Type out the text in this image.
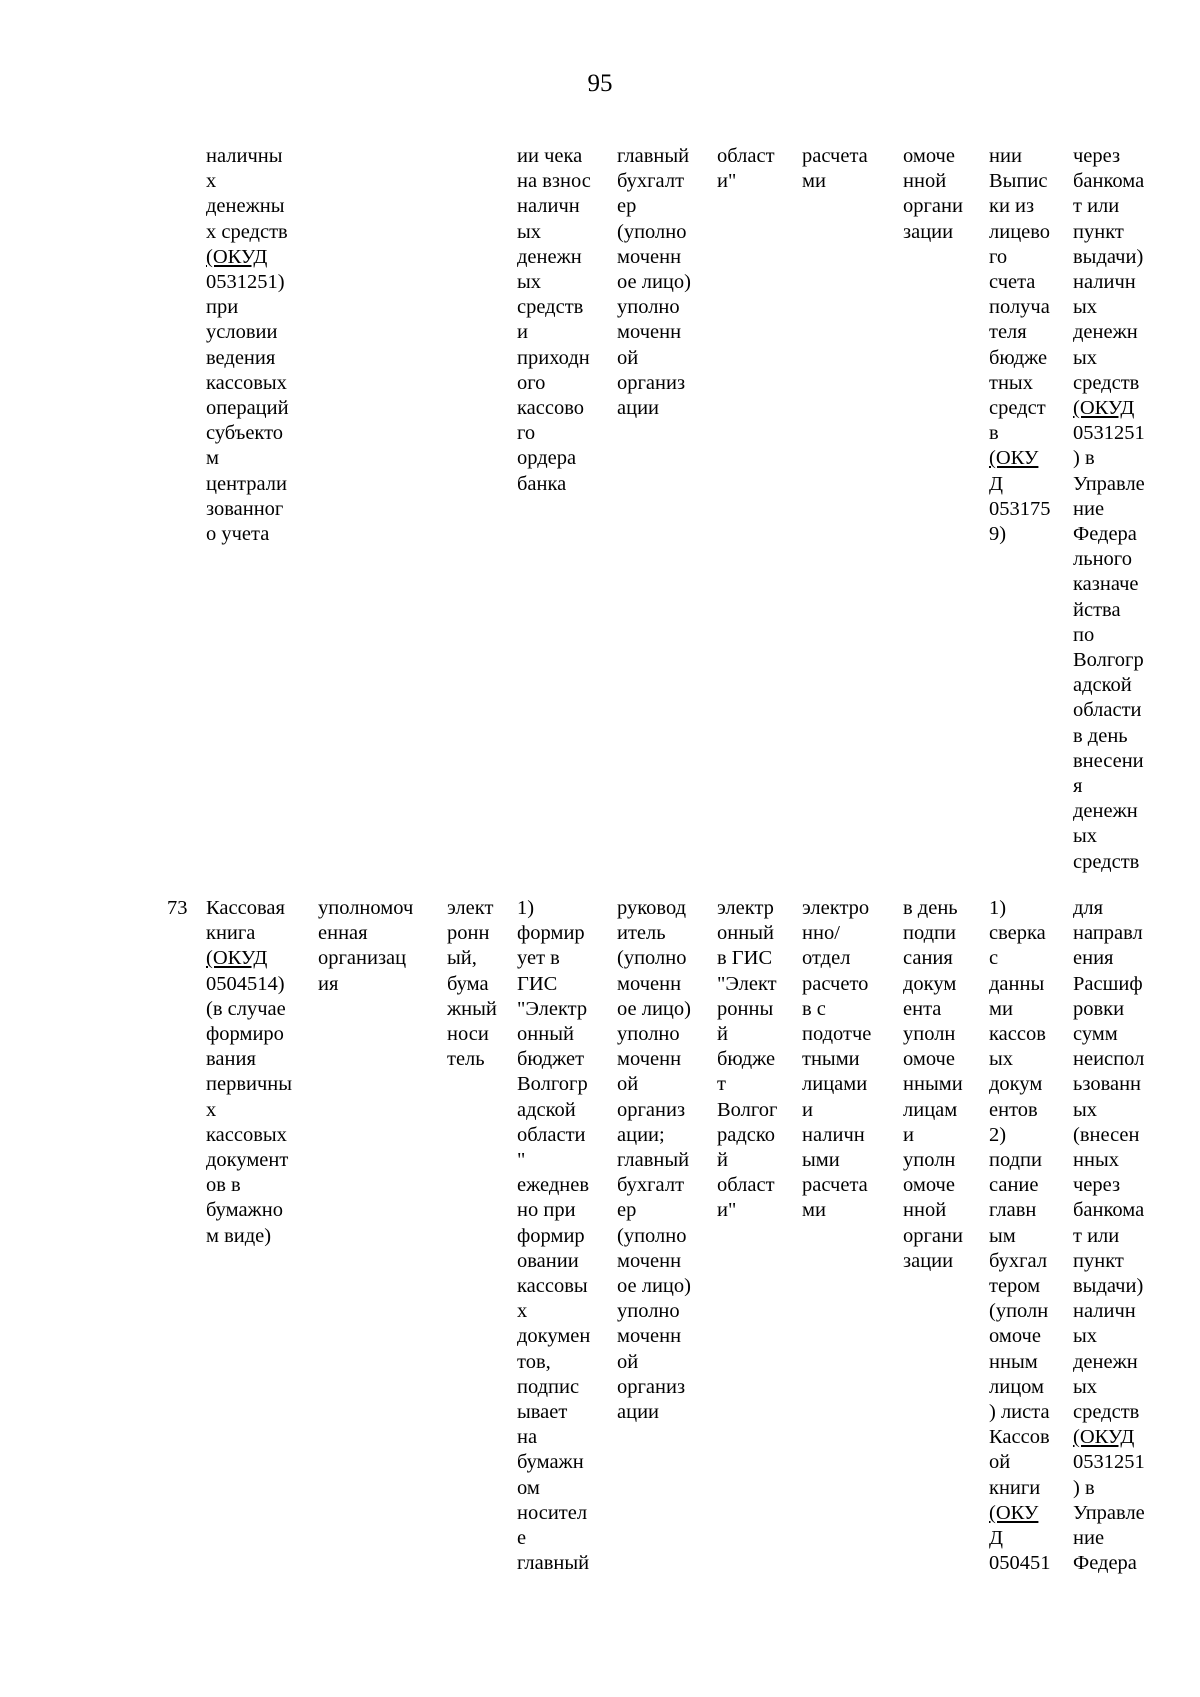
95
наличны
х
денежны
х средств
(ОКУД
0531251)
при
условии
ведения
кассовых
операций
субъекто
м
централи
зованног
о учета
ии чека
на взнос
наличн
ых
денежн
ых
средств
и
приходн
ого
кассово
го
ордера
банка
главный
бухгалт
ер
(уполно
моченн
ое лицо)
уполно
моченн
ой
организ
ации
област
и"
расчета
ми
омоче
нной
органи
зации
нии
Выпис
ки из
лицево
го
счета
получа
теля
бюдже
тных
средст
в
(ОКУ
Д
053175
9)
через
банкома
т или
пункт
выдачи)
наличн
ых
денежн
ых
средств
(ОКУД
0531251
) в
Управле
ние
Федера
льного
казначе
йства
по
Волгогр
адской
области
в день
внесени
я
денежн
ых
средств
73 Кассовая
книга
(ОКУД
0504514)
(в случае
формиро
вания
первичны
х
кассовых
документ
ов в
бумажно
м виде)
уполномоч
енная
организац
ия
элект
ронн
ый,
бума
жный
носи
тель
1)
формир
ует в
ГИС
"Электр
онный
бюджет
Волгогр
адской
области
"
ежеднев
но при
формир
овании
кассовы
х
докумен
тов,
подпис
ывает
на
бумажн
ом
носител
е
главный
руковод
итель
(уполно
моченн
ое лицо)
уполно
моченн
ой
организ
ации;
главный
бухгалт
ер
(уполно
моченн
ое лицо)
уполно
моченн
ой
организ
ации
электр
онный
в ГИС
"Элект
ронны
й
бюдже
т
Волгог
радско
й
област
и"
электро
нно/
отдел
расчето
в с
подотче
тными
лицами
и
наличн
ыми
расчета
ми
в день
подпи
сания
докум
ента
уполн
омоче
нными
лицам
и
уполн
омоче
нной
органи
зации
1)
сверка
с
данны
ми
кассов
ых
докум
ентов
2)
подпи
сание
главн
ым
бухгал
тером
(уполн
омоче
нным
лицом
) листа
Кассов
ой
книги
(ОКУ
Д
050451
для
направл
ения
Расшиф
ровки
сумм
неиспол
ьзованн
ых
(внесен
нных
через
банкома
т или
пункт
выдачи)
наличн
ых
денежн
ых
средств
(ОКУД
0531251
) в
Управле
ние
Федера
